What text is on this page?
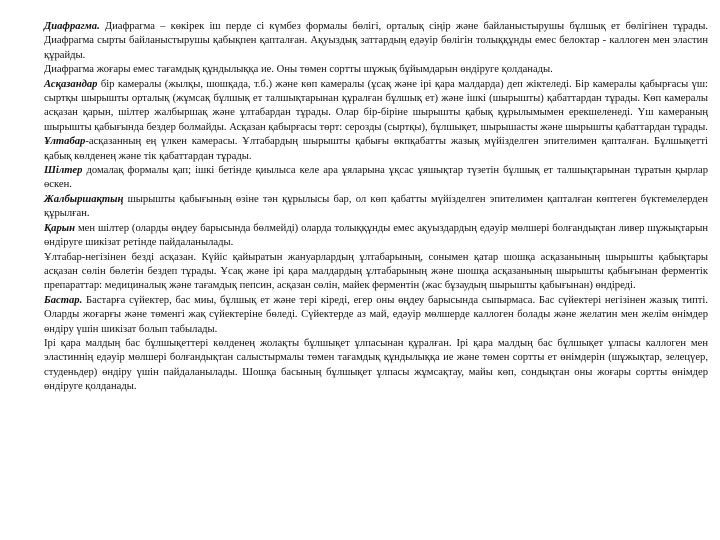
Диафрагма. Диафрагма – көкірек іш перде сі күмбез формалы бөлігі, орталық сіңір және байланыстырушы бұлшық ет бөлігінен тұрады. Диафрагма сырты байланыстырушы қабықпен қапталған. Ақуыздық заттардың едәуір бөлігін толыққұнды емес белоктар - каллоген мен эластин құрайды.

Диафрагма жоғары емес тағамдық құндылыққа ие. Оны төмен сортты шұжық бұйымдарын өндіруге қолданады.

Асқазандар бір камералы (жылқы, шошқада, т.б.) және көп камералы (ұсақ және ірі қара малдарда) деп жіктеледі. Бір камералы қабырғасы үш: сыртқы шырышты орталық (жұмсақ бұлшық ет талшықтарынан құралған бұлшық ет) және ішкі (шырышты) қабаттардан тұрады. Көп камералы асқазан қарын, шілтер жалбыршақ және ұлтабардан тұрады. Олар бір-біріне шырышты қабық құрылымымен ерекшеленеді. Үш камераның шырышты қабығында бездер болмайды. Асқазан қабырғасы төрт: серозды (сыртқы), бұлшықет, шырышасты және шырышты қабаттардан тұрады.

Ұлтабар-асқазанның ең үлкен камерасы. Ұлтабардың шырышты қабығы өкпқабатты жазық мүйізделген эпителимен қапталған. Бұлшықетті қабық көлденең және тік қабаттардан тұрады.

Шілтер домалақ формалы қап; ішкі бетінде қиылыса келе ара ұяларына ұқсас ұяшықтар түзетін бұлшық ет талшықтарынан тұратын қырлар өскен.

Жалбыршақтың шырышты қабығының өзіне тән құрылысы бар, ол көп қабатты мүйізделген эпителимен қапталған көптеген бүктемелерден құрылған.

Қарын мен шілтер (оларды өңдеу барысында бөлмейді) оларда толыққұнды емес ақуыздардың едәуір мөлшері болғандықтан ливер шұжықтарын өндіруге шикізат ретінде пайдаланылады.

Ұлтабар-негізінен безді асқазан. Күйіс қайыратын жануарлардың ұлтабарының, сонымен қатар шошқа асқазанының шырышты қабықтары асқазан сөлін бөлетін бездеп тұрады. Ұсақ және ірі қара малдардың ұлтабарының және шошқа асқазанының шырышты қабығынан ферментік препараттар: медициналық және тағамдық пепсин, асқазан сөлін, майек ферментін (жас бұзаудың шырышты қабығынан) өндіреді.

Бастар. Бастарға сүйектер, бас миы, бұлшық ет және тері кіреді, егер оны өңдеу барысында сыпырмаса. Бас сүйектері негізінен жазық типті. Оларды жоғарғы және төменгі жақ сүйектеріне бөледі. Сүйектерде аз май, едәуір мөлшерде каллоген болады және желатин мен желім өнімдер өндіру үшін шикізат болып табылады.

Ірі қара малдың бас бұлшықеттері көлденең жолақты бұлшықет ұлпасынан құралған. Ірі қара малдың бас бұлшықет ұлпасы каллоген мен эластиннің едәуір мөлшері болғандықтан салыстырмалы төмен тағамдық құндылыққа ие және төмен сортты ет өнімдерін (шұжықтар, зелецүер, студеньдер) өндіру үшін пайдаланылады. Шошқа басының бұлшықет ұлпасы жұмсақтау, майы көп, сондықтан оны жоғары сортты өнімдер өндіруге қолданады.
